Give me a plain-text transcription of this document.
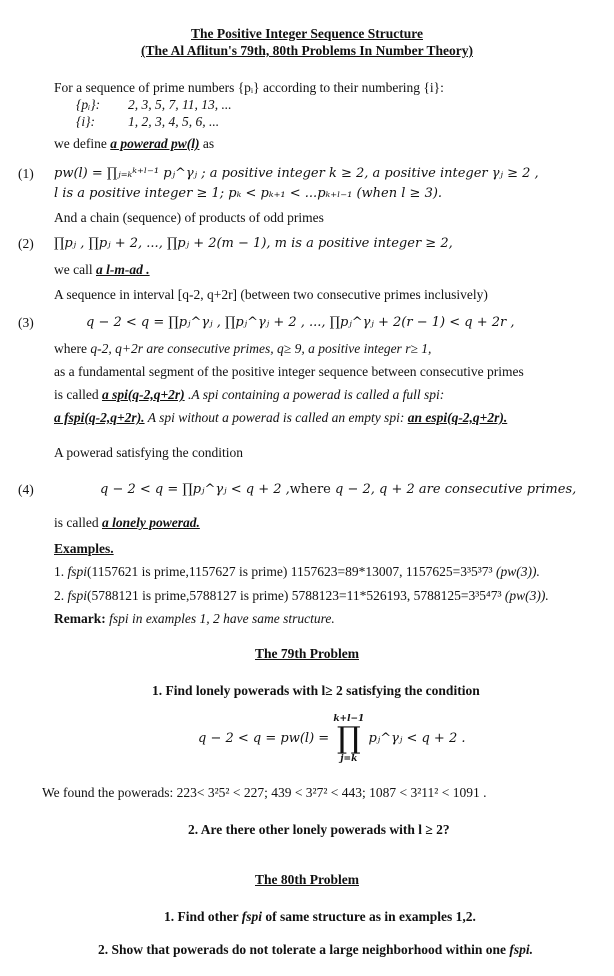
The Positive Integer Sequence Structure
(The Al Aflitun's 79th, 80th Problems In Number Theory)
For a sequence of prime numbers {pᵢ} according to their numbering {i}:
{pᵢ}: 2, 3, 5, 7, 11, 13, ...
{i}: 1, 2, 3, 4, 5, 6, ...
we define a powerad pw(l) as
(1) pw(l) = ∏ⱼ₌ₖᵏ⁺ˡ⁻¹ pⱼ^γⱼ ; a positive integer k ≥ 2, a positive integer γⱼ ≥ 2 ,
l is a positive integer ≥ 1; pₖ < pₖ₊₁ < ...pₖ₊ₗ₋₁ (when l ≥ 3).
And a chain (sequence) of products of odd primes
(2) ∏pⱼ , ∏pⱼ + 2, ..., ∏pⱼ + 2(m − 1), m is a positive integer ≥ 2,
we call a l-m-ad .
A sequence in interval [q-2, q+2r] (between two consecutive primes inclusively)
(3)	q − 2 < q = ∏pⱼ^γⱼ , ∏pⱼ^γⱼ + 2 , ..., ∏pⱼ^γⱼ + 2(r − 1) < q + 2r ,
where q-2, q+2r are consecutive primes, q≥ 9, a positive integer r≥ 1,
as a fundamental segment of the positive integer sequence between consecutive primes
is called a spi(q-2,q+2r) .A spi containing a powerad is called a full spi:
a fspi(q-2,q+2r). A spi without a powerad is called an empty spi: an espi(q-2,q+2r).
A powerad satisfying the condition
(4)	q − 2 < q = ∏pⱼ^γⱼ < q + 2 ,where q − 2, q + 2 are consecutive primes,
is called a lonely powerad.
Examples.
1. fspi(1157621 is prime,1157627 is prime) 1157623=89*13007, 1157625=3³5³7³ (pw(3)).
2. fspi(5788121 is prime,5788127 is prime) 5788123=11*526193, 5788125=3³5⁴7³ (pw(3)).
Remark: fspi in examples 1, 2 have same structure.
The 79th Problem
1. Find lonely powerads with l≥ 2 satisfying the condition
q − 2 < q = pw(l) =
k+l−1
∏
j=k
pⱼ^γⱼ < q + 2 .
We found the powerads: 223< 3²5² < 227; 439 < 3²7² < 443; 1087 < 3²11² < 1091 .
2. Are there other lonely powerads with l ≥ 2?
The 80th Problem
1. Find other fspi of same structure as in examples 1,2.
2. Show that powerads do not tolerate a large neighborhood within one fspi.
